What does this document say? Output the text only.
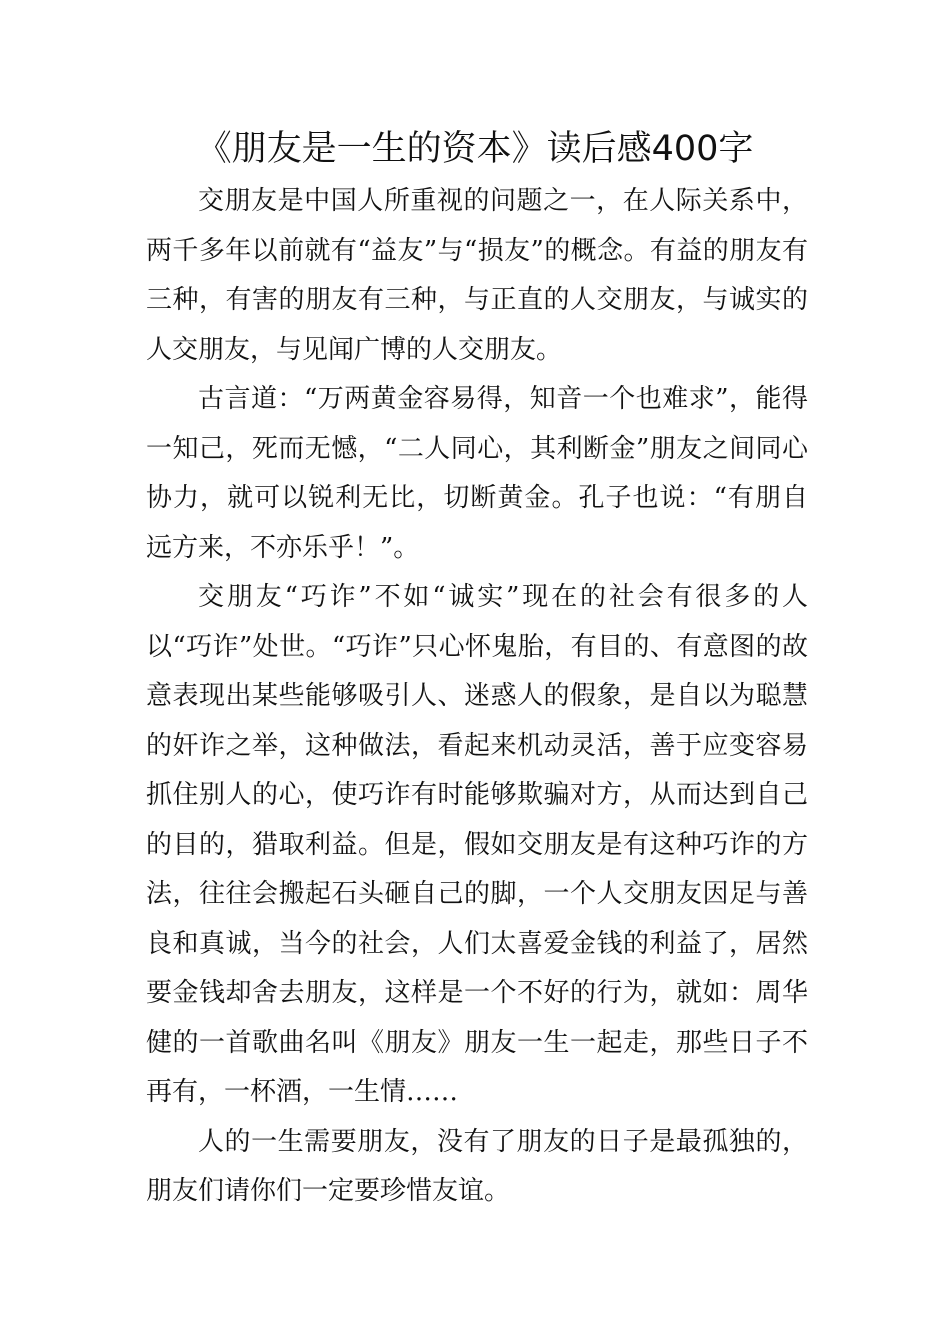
《朋友是一生的资本》读后感400字

交朋友是中国人所重视的问题之一，在人际关系中，两千多年以前就有“益友”与“损友”的概念。有益的朋友有三种，有害的朋友有三种，与正直的人交朋友，与诚实的人交朋友，与见闻广博的人交朋友。

古言道：“万两黄金容易得，知音一个也难求”，能得一知己，死而无憾，“二人同心，其利断金”朋友之间同心协力，就可以锐利无比，切断黄金。孔子也说：“有朋自远方来，不亦乐乎！”。

交朋友“巧诈”不如“诚实”现在的社会有很多的人以“巧诈”处世。“巧诈”只心怀鬼胎，有目的、有意图的故意表现出某些能够吸引人、迷惑人的假象，是自以为聪慧的奸诈之举，这种做法，看起来机动灵活，善于应变容易抓住别人的心，使巧诈有时能够欺骗对方，从而达到自己的目的，猎取利益。但是，假如交朋友是有这种巧诈的方法，往往会搬起石头砸自己的脚，一个人交朋友因足与善良和真诚，当今的社会，人们太喜爱金钱的利益了，居然要金钱却舍去朋友，这样是一个不好的行为，就如：周华健的一首歌曲名叫《朋友》朋友一生一起走，那些日子不再有，一杯酒，一生情……

人的一生需要朋友，没有了朋友的日子是最孤独的，朋友们请你们一定要珍惜友谊。
